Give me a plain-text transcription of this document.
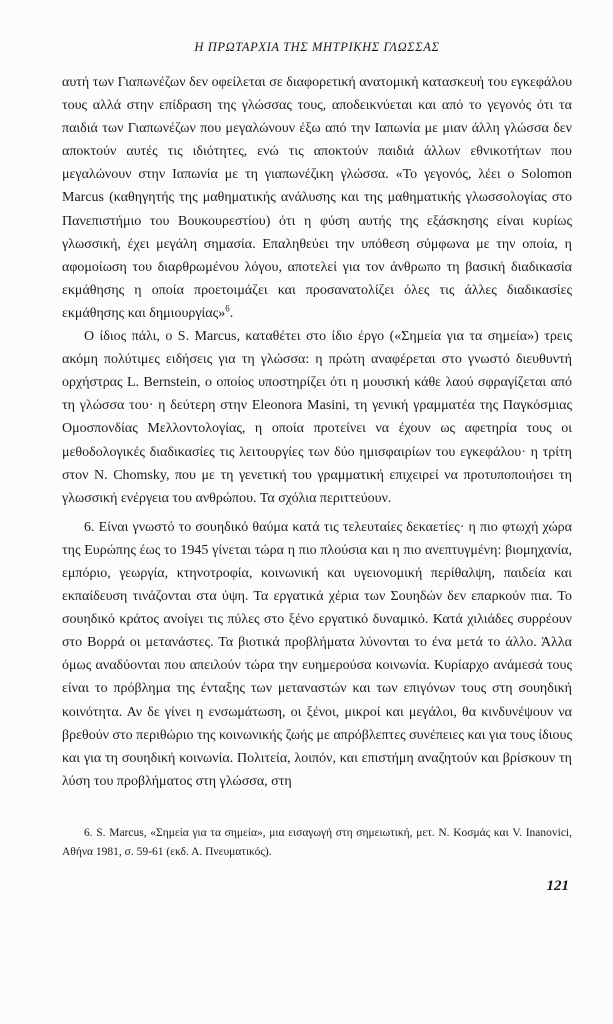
Η ΠΡΩΤΑΡΧΙΑ ΤΗΣ ΜΗΤΡΙΚΗΣ ΓΛΩΣΣΑΣ

αυτή των Γιαπωνέζων δεν οφείλεται σε διαφορετική ανατομική κατασκευή του εγκεφάλου τους αλλά στην επίδραση της γλώσσας τους, αποδεικνύεται και από το γεγονός ότι τα παιδιά των Γιαπωνέζων που μεγαλώνουν έξω από την Ιαπωνία με μιαν άλλη γλώσσα δεν αποκτούν αυτές τις ιδιότητες, ενώ τις αποκτούν παιδιά άλλων εθνικοτήτων που μεγαλώνουν στην Ιαπωνία με τη γιαπωνέζικη γλώσσα. «Το γεγονός, λέει ο Solomon Marcus (καθηγητής της μαθηματικής ανάλυσης και της μαθηματικής γλωσσολογίας στο Πανεπιστήμιο του Βουκουρεστίου) ότι η φύση αυτής της εξάσκησης είναι κυρίως γλωσσική, έχει μεγάλη σημασία. Επαληθεύει την υπόθεση σύμφωνα με την οποία, η αφομοίωση του διαρθρωμένου λόγου, αποτελεί για τον άνθρωπο τη βασική διαδικασία εκμάθησης η οποία προετοιμάζει και προσανατολίζει όλες τις άλλες διαδικασίες εκμάθησης και δημιουργίας»$^6$.

Ο ίδιος πάλι, ο S. Marcus, καταθέτει στο ίδιο έργο («Σημεία για τα σημεία») τρεις ακόμη πολύτιμες ειδήσεις για τη γλώσσα: η πρώτη αναφέρεται στο γνωστό διευθυντή ορχήστρας L. Bernstein, ο οποίος υποστηρίζει ότι η μουσική κάθε λαού σφραγίζεται από τη γλώσσα του· η δεύτερη στην Eleonora Masini, τη γενική γραμματέα της Παγκόσμιας Ομοσπονδίας Μελλοντολογίας, η οποία προτείνει να έχουν ως αφετηρία τους οι μεθοδολογικές διαδικασίες τις λειτουργίες των δύο ημισφαιρίων του εγκεφάλου· η τρίτη στον N. Chomsky, που με τη γενετική του γραμματική επιχειρεί να προτυποποιήσει τη γλωσσική ενέργεια του ανθρώπου. Τα σχόλια περιττεύουν.

6. Είναι γνωστό το σουηδικό θαύμα κατά τις τελευταίες δεκαετίες· η πιο φτωχή χώρα της Ευρώπης έως το 1945 γίνεται τώρα η πιο πλούσια και η πιο ανεπτυγμένη: βιομηχανία, εμπόριο, γεωργία, κτηνοτροφία, κοινωνική και υγειονομική περίθαλψη, παιδεία και εκπαίδευση τινάζονται στα ύψη. Τα εργατικά χέρια των Σουηδών δεν επαρκούν πια. Το σουηδικό κράτος ανοίγει τις πύλες στο ξένο εργατικό δυναμικό. Κατά χιλιάδες συρρέουν στο Βορρά οι μετανάστες. Τα βιοτικά προβλήματα λύνονται το ένα μετά το άλλο. Άλλα όμως αναδύονται που απειλούν τώρα την ευημερούσα κοινωνία. Κυρίαρχο ανάμεσά τους είναι το πρόβλημα της ένταξης των μεταναστών και των επιγόνων τους στη σουηδική κοινότητα. Αν δε γίνει η ενσωμάτωση, οι ξένοι, μικροί και μεγάλοι, θα κινδυνέψουν να βρεθούν στο περιθώριο της κοινωνικής ζωής με απρόβλεπτες συνέπειες και για τους ίδιους και για τη σουηδική κοινωνία. Πολιτεία, λοιπόν, και επιστήμη αναζητούν και βρίσκουν τη λύση του προβλήματος στη γλώσσα, στη

6. S. Marcus, «Σημεία για τα σημεία», μια εισαγωγή στη σημειωτική, μετ. Ν. Κοσμάς και V. Inanovici, Αθήνα 1981, σ. 59-61 (εκδ. Α. Πνευματικός).

121
